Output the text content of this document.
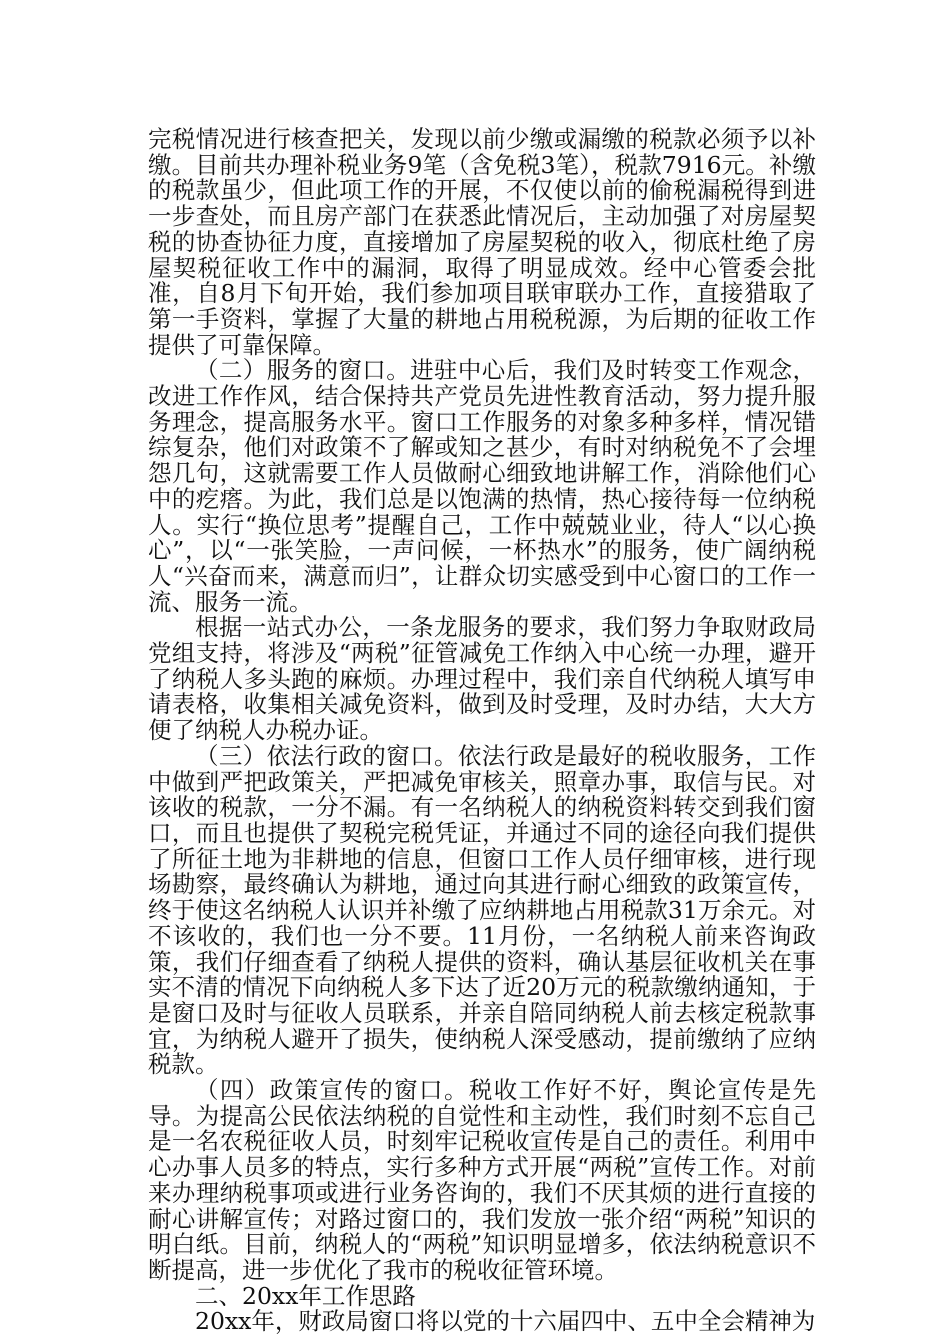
完税情况进行核查把关，发现以前少缴或漏缴的税款必须予以补缴。目前共办理补税业务9笔（含免税3笔），税款7916元。补缴的税款虽少，但此项工作的开展，不仅使以前的偷税漏税得到进一步查处，而且房产部门在获悉此情况后，主动加强了对房屋契税的协查协征力度，直接增加了房屋契税的收入，彻底杜绝了房屋契税征收工作中的漏洞，取得了明显成效。经中心管委会批准，自8月下旬开始，我们参加项目联审联办工作，直接猎取了第一手资料，掌握了大量的耕地占用税税源，为后期的征收工作提供了可靠保障。

（二）服务的窗口。进驻中心后，我们及时转变工作观念，改进工作作风，结合保持共产党员先进性教育活动，努力提升服务理念，提高服务水平。窗口工作服务的对象多种多样，情况错综复杂，他们对政策不了解或知之甚少，有时对纳税免不了会埋怨几句，这就需要工作人员做耐心细致地讲解工作，消除他们心中的疙瘩。为此，我们总是以饱满的热情，热心接待每一位纳税人。实行“换位思考”提醒自己，工作中兢兢业业，待人“以心换心”，以“一张笑脸，一声问候，一杯热水”的服务，使广阔纳税人“兴奋而来，满意而归”，让群众切实感受到中心窗口的工作一流、服务一流。

根据一站式办公，一条龙服务的要求，我们努力争取财政局党组支持，将涉及“两税”征管减免工作纳入中心统一办理，避开了纳税人多头跑的麻烦。办理过程中，我们亲自代纳税人填写申请表格，收集相关减免资料，做到及时受理，及时办结，大大方便了纳税人办税办证。

（三）依法行政的窗口。依法行政是最好的税收服务，工作中做到严把政策关，严把减免审核关，照章办事，取信与民。对该收的税款，一分不漏。有一名纳税人的纳税资料转交到我们窗口，而且也提供了契税完税凭证，并通过不同的途径向我们提供了所征土地为非耕地的信息，但窗口工作人员仔细审核，进行现场勘察，最终确认为耕地，通过向其进行耐心细致的政策宣传，终于使这名纳税人认识并补缴了应纳耕地占用税款31万余元。对不该收的，我们也一分不要。11月份，一名纳税人前来咨询政策，我们仔细查看了纳税人提供的资料，确认基层征收机关在事实不清的情况下向纳税人多下达了近20万元的税款缴纳通知，于是窗口及时与征收人员联系，并亲自陪同纳税人前去核定税款事宜，为纳税人避开了损失，使纳税人深受感动，提前缴纳了应纳税款。

（四）政策宣传的窗口。税收工作好不好，舆论宣传是先导。为提高公民依法纳税的自觉性和主动性，我们时刻不忘自己是一名农税征收人员，时刻牢记税收宣传是自己的责任。利用中心办事人员多的特点，实行多种方式开展“两税”宣传工作。对前来办理纳税事项或进行业务咨询的，我们不厌其烦的进行直接的耐心讲解宣传；对路过窗口的，我们发放一张介绍“两税”知识的明白纸。目前，纳税人的“两税”知识明显增多，依法纳税意识不断提高，进一步优化了我市的税收征管环境。

二、20xx年工作思路

20xx年，财政局窗口将以党的十六届四中、五中全会精神为
